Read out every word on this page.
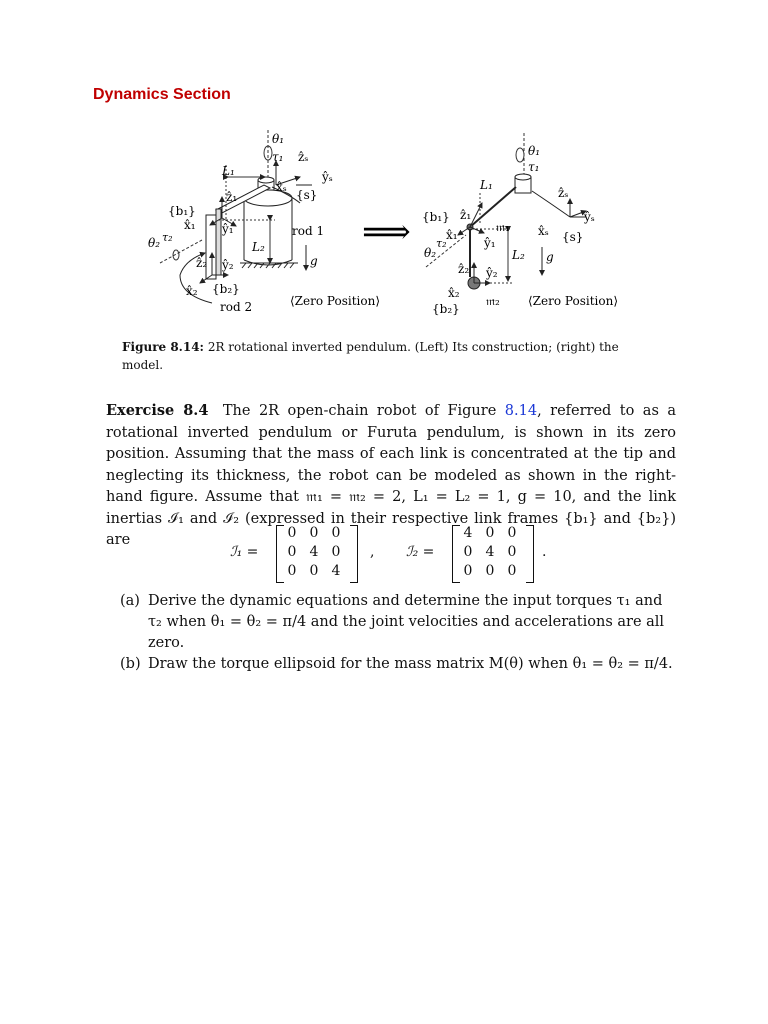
Dynamics Section
θ₁
τ₁
L₁
ẑₛ
ŷₛ
x̂ₛ
{s}
{b₁}
ẑ₁
x̂₁ ŷ₁	rod 1
θ₂ τ₂
L₂
ẑ₂ ŷ₂	g
x̂₂ {b₂}
rod 2	⟨Zero Position⟩
⟹
θ₁
τ₁
L₁
ẑₛ
ŷₛ
x̂ₛ {s}
{b₁} ẑ₁
𝔪₁
x̂₁
ŷ₁
θ₂
τ₂
L₂
ẑ₂ ŷ₂
g
x̂₂
𝔪₂
{b₂}
⟨Zero Position⟩

Figure 8.14: 2R rotational inverted pendulum. (Left) Its construction; (right) the model.

Exercise 8.4 The 2R open-chain robot of Figure 8.14, referred to as a rotational inverted pendulum or Furuta pendulum, is shown in its zero position. Assuming that the mass of each link is concentrated at the tip and neglecting its thickness, the robot can be modeled as shown in the right-hand figure. Assume that 𝔪₁ = 𝔪₂ = 2, L₁ = L₂ = 1, g = 10, and the link inertias ℐ₁ and ℐ₂ (expressed in their respective link frames {b₁} and {b₂}) are

ℐ₁ =
0 0 0
0 4 0
0 0 4
, ℐ₂ =
4 0 0
0 4 0
0 0 0
.
(a) Derive the dynamic equations and determine the input torques τ₁ and τ₂ when θ₁ = θ₂ = π/4 and the joint velocities and accelerations are all zero.
(b) Draw the torque ellipsoid for the mass matrix M(θ) when θ₁ = θ₂ = π/4.
